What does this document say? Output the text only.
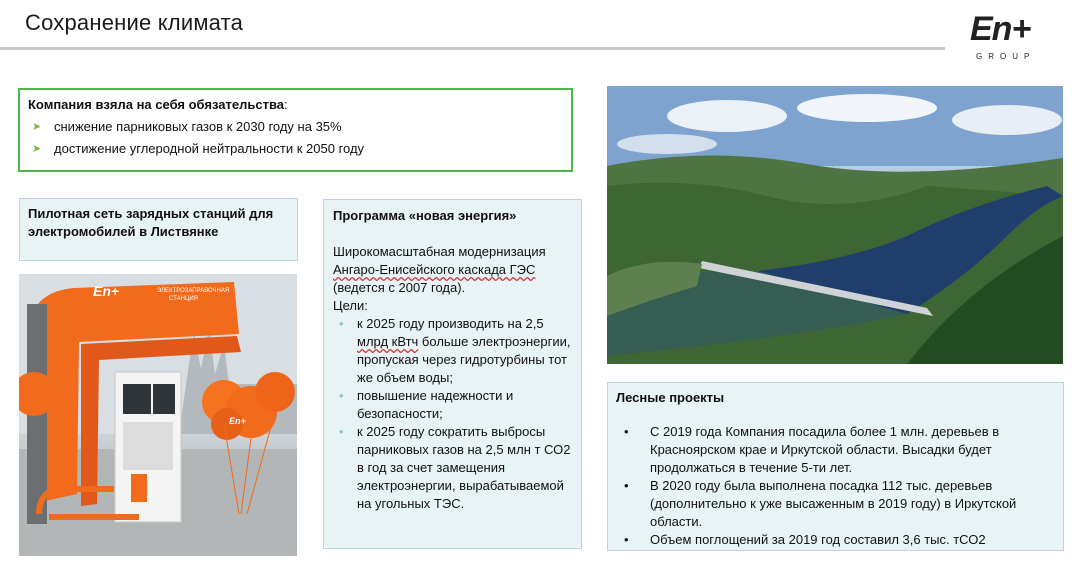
Сохранение климата	En+
GROUP
Компания взяла на себя обязательства:
➤ снижение парниковых газов к 2030 году на 35%
➤ достижение углеродной нейтральности к 2050 году
Пилотная сеть зарядных станций для
электромобилей в Листвянке
En+	ЭЛЕКТРОЗАПРАВОЧНАЯ
СТАНЦИЯ
En+
Программа «новая энергия»
Широкомасштабная модернизация
Ангаро-Енисейского каскада ГЭС
(ведется с 2007 года).
Цели:
• к 2025 году производить на 2,5 млрд кВтч больше электроэнергии, пропуская через гидротурбины тот же объем воды;
• повышение надежности и безопасности;
• к 2025 году сократить выбросы парниковых газов на 2,5 млн т СО2 в год за счет замещения электроэнергии, вырабатываемой на угольных ТЭС.
Лесные проекты
• С 2019 года Компания посадила более 1 млн. деревьев в Красноярском крае и Иркутской области. Высадки будет продолжаться в течение 5-ти лет.
• В 2020 году была выполнена посадка 112 тыс. деревьев (дополнительно к уже высаженным в 2019 году) в Иркутской области.
• Объем поглощений за 2019 год составил 3,6 тыс. тСО2
